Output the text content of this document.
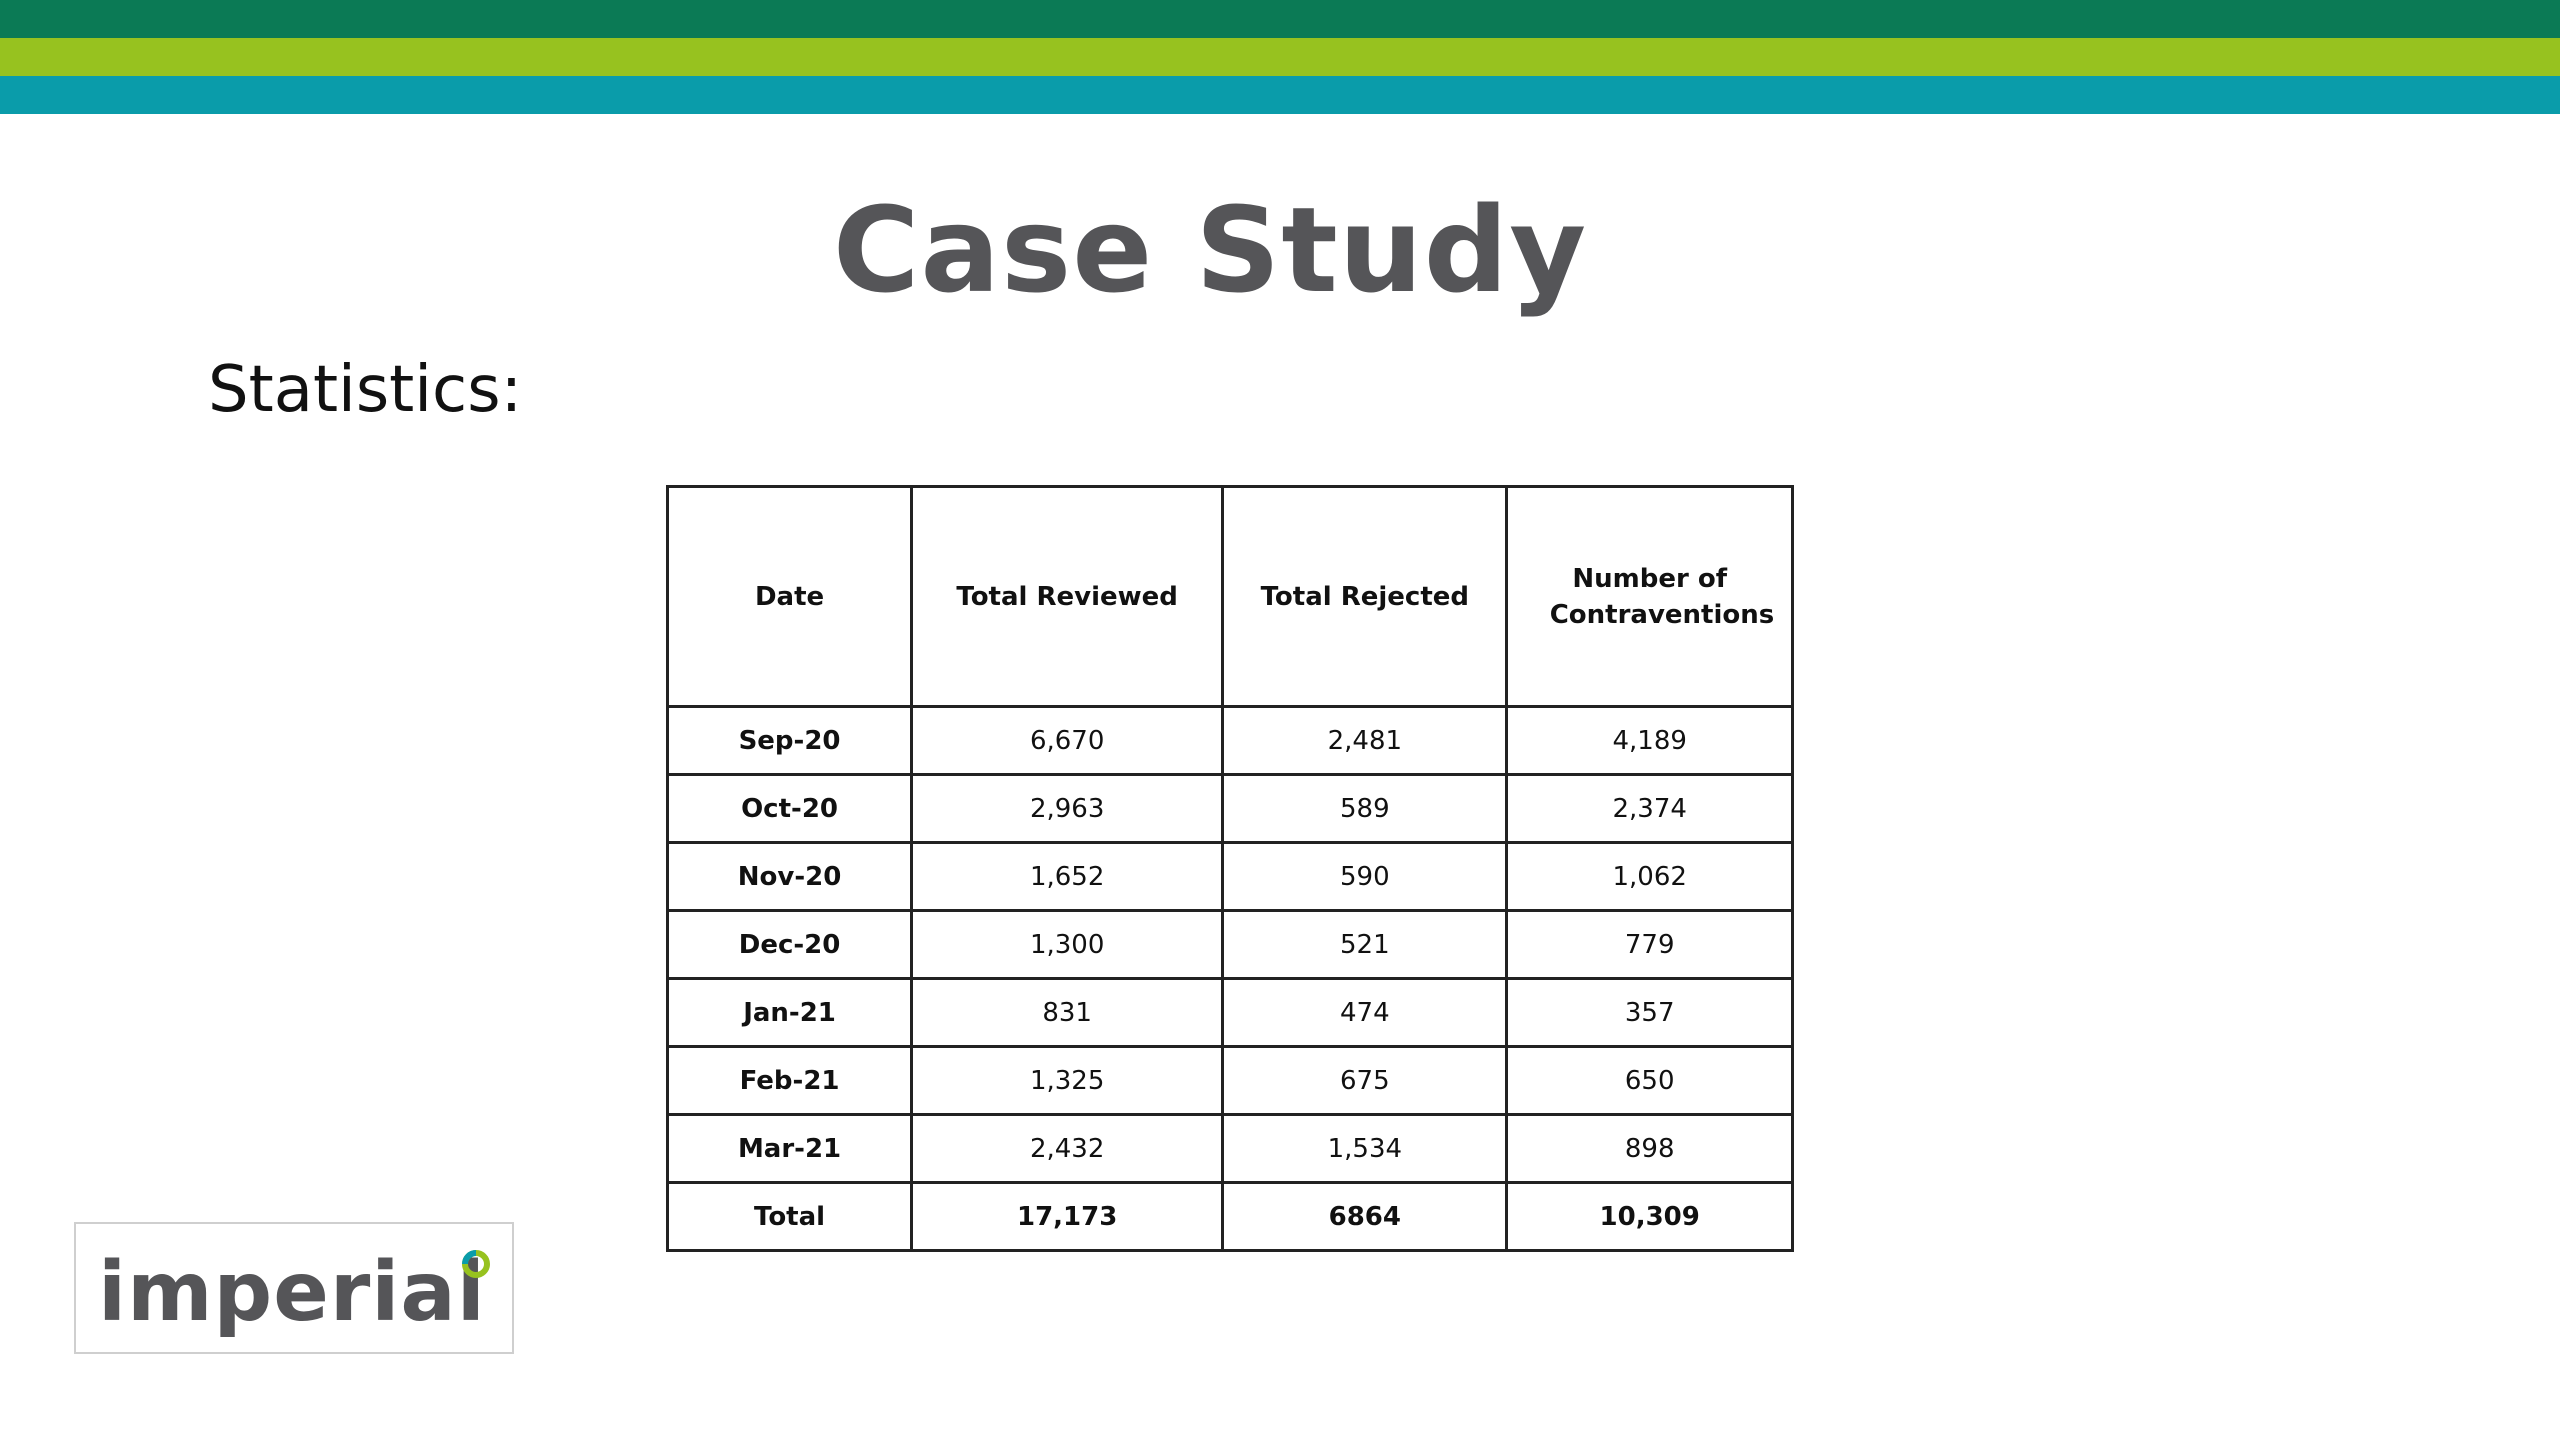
Case Study
Statistics:
Date	Total Reviewed	Total Rejected	Number of Contraventions

Sep-20	6,670	2,481	4,189
Oct-20	2,963	589	2,374
Nov-20	1,652	590	1,062
Dec-20	1,300	521	779
Jan-21	831	474	357
Feb-21	1,325	675	650
Mar-21	2,432	1,534	898
Total	17,173	6864	10,309
imperial
